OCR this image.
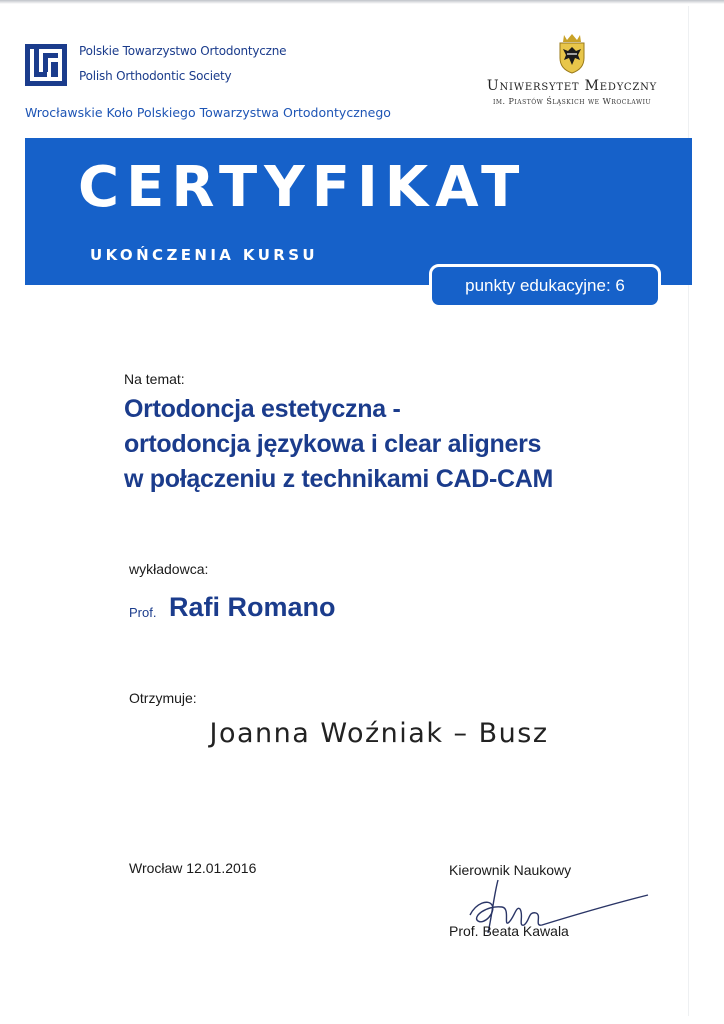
Polskie Towarzystwo Ortodontyczne
Polish Orthodontic Society
Wrocławskie Koło Polskiego Towarzystwa Ortodontycznego
Uniwersytet Medyczny
im. Piastów Śląskich we Wrocławiu
CERTYFIKAT
UKOŃCZENIA KURSU
punkty edukacyjne: 6
Na temat:
Ortodoncja estetyczna -
ortodoncja językowa i clear aligners
w połączeniu z technikami CAD-CAM
wykładowca:
Prof. Rafi Romano
Otrzymuje:
Joanna Woźniak – Busz
Wrocław 12.01.2016	Kierownik Naukowy
Prof. Beata Kawala
